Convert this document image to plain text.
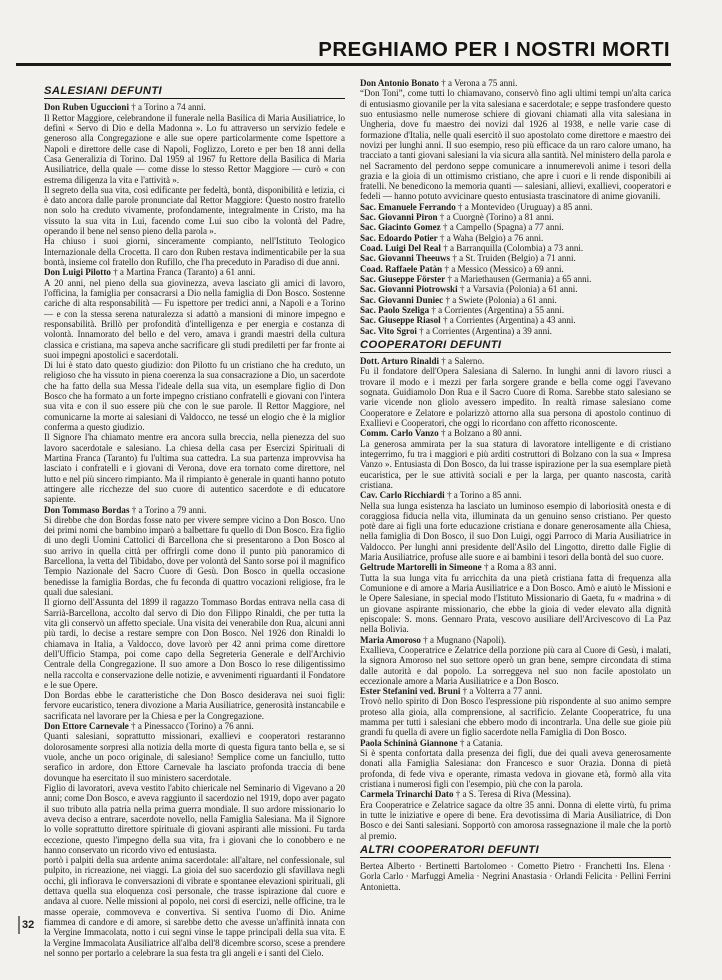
PREGHIAMO PER I NOSTRI MORTI
SALESIANI DEFUNTI

Don Ruben Uguccioni † a Torino a 74 anni.

Il Rettor Maggiore, celebrandone il funerale nella Basilica di Maria Ausiliatrice, lo definì « Servo di Dio e della Madonna ». Lo fu attraverso un servizio fedele e generoso alla Congregazione e alle sue opere particolarmente come Ispettore a Napoli e direttore delle case di Napoli, Foglizzo, Loreto e per ben 18 anni della Casa Generalizia di Torino. Dal 1959 al 1967 fu Rettore della Basilica di Maria Ausiliatrice, della quale — come disse lo stesso Rettor Maggiore — curò « con estrema diligenza la vita e l'attività ».

Il segreto della sua vita, così edificante per fedeltà, bontà, disponibilità e letizia, ci è dato ancora dalle parole pronunciate dal Rettor Maggiore: Questo nostro fratello non solo ha creduto vivamente, profondamente, integralmente in Cristo, ma ha vissuto la sua vita in Lui, facendo come Lui suo cibo la volontà del Padre, operando il bene nel senso pieno della parola ».

Ha chiuso i suoi giorni, sinceramente compianto, nell'Istituto Teologico Internazionale della Crocetta. Il caro don Ruben restava indimenticabile per la sua bontà, insieme col fratello don Rufillo, che l'ha preceduto in Paradiso di due anni.

Don Luigi Pilotto † a Martina Franca (Taranto) a 61 anni.

A 20 anni, nel pieno della sua giovinezza, aveva lasciato gli amici di lavoro, l'officina, la famiglia per consacrarsi a Dio nella famiglia di Don Bosco. Sostenne cariche di alta responsabilità — Fu ispettore per tredici anni, a Napoli e a Torino — e con la stessa serena naturalezza si adattò a mansioni di minore impegno e responsabilità. Brillò per profondità d'intelligenza e per energia e costanza di volontà. Innamorato del bello e del vero, amava i grandi maestri della cultura classica e cristiana, ma sapeva anche sacrificare gli studi prediletti per far fronte ai suoi impegni apostolici e sacerdotali.

Di lui è stato dato questo giudizio: don Pilotto fu un cristiano che ha creduto, un religioso che ha vissuto in piena coerenza la sua consacrazione a Dio, un sacerdote che ha fatto della sua Messa l'ideale della sua vita, un esemplare figlio di Don Bosco che ha formato a un forte impegno cristiano confratelli e giovani con l'intera sua vita e con il suo essere più che con le sue parole. Il Rettor Maggiore, nel comunicarne la morte ai salesiani di Valdocco, ne tessé un elogio che è la miglior conferma a questo giudizio.

Il Signore l'ha chiamato mentre era ancora sulla breccia, nella pienezza del suo lavoro sacerdotale e salesiano. La chiesa della casa per Esercizi Spirituali di Martina Franca (Taranto) fu l'ultima sua cattedra. La sua partenza improvvisa ha lasciato i confratelli e i giovani di Verona, dove era tornato come direttore, nel lutto e nel più sincero rimpianto. Ma il rimpianto è generale in quanti hanno potuto attingere alle ricchezze del suo cuore di autentico sacerdote e di educatore sapiente.

Don Tommaso Bordas † a Torino a 79 anni.

Si direbbe che don Bordas fosse nato per vivere sempre vicino a Don Bosco. Uno dei primi nomi che bambino imparò a balbettare fu quello di Don Bosco. Era figlio di uno degli Uomini Cattolici di Barcellona che si presentarono a Don Bosco al suo arrivo in quella città per offrirgli come dono il punto più panoramico di Barcellona, la vetta del Tibidabo, dove per volontà del Santo sorse poi il magnifico Tempio Nazionale del Sacro Cuore di Gesù. Don Bosco in quella occasione benedisse la famiglia Bordas, che fu feconda di quattro vocazioni religiose, fra le quali due salesiani.

Il giorno dell'Assunta del 1899 il ragazzo Tommaso Bordas entrava nella casa di Sarrià-Barcellona, accolto dal servo di Dio don Filippo Rinaldi, che per tutta la vita gli conservò un affetto speciale. Una visita dei venerabile don Rua, alcuni anni più tardi, lo decise a restare sempre con Don Bosco. Nel 1926 don Rinaldi lo chiamava in Italia, a Valdocco, dove lavorò per 42 anni prima come direttore dell'Ufficio Stampa, poi come capo della Segreteria Generale e dell'Archivio Centrale della Congregazione. Il suo amore a Don Bosco lo rese diligentissimo nella raccolta e conservazione delle notizie, e avvenimenti riguardanti il Fondatore e le sue Opere.

Don Bordas ebbe le caratteristiche che Don Bosco desiderava nei suoi figli: fervore eucaristico, tenera divozione a Maria Ausiliatrice, generosità instancabile e sacrificata nel lavorare per la Chiesa e per la Congregazione.

Don Ettore Carnevale † a Pinessacco (Torino) a 76 anni.

Quanti salesiani, soprattutto missionari, exallievi e cooperatori restaranno dolorosamente sorpresi alla notizia della morte di questa figura tanto bella e, se si vuole, anche un poco originale, di salesiano! Semplice come un fanciullo, tutto serafico in ardore, don Ettore Carnevale ha lasciato profonda traccia di bene dovunque ha esercitato il suo ministero sacerdotale.

Figlio di lavoratori, aveva vestito l'abito chiericale nel Seminario di Vigevano a 20 anni; come Don Bosco, e aveva raggiunto il sacerdozio nel 1919, dopo aver pagato il suo tributo alla patria nella prima guerra mondiale. Il suo ardore missionario lo aveva deciso a entrare, sacerdote novello, nella Famiglia Salesiana. Ma il Signore lo volle soprattutto direttore spirituale di giovani aspiranti alle missioni. Fu tarda eccezione, questo l'impegno della sua vita, fra i giovani che lo conobbero e ne hanno conservato un ricordo vivo ed entusiasta.

portò i palpiti della sua ardente anima sacerdotale: all'altare, nel confessionale, sul pulpito, in ricreazione, nei viaggi. La gioia del suo sacerdozio gli sfavillava negli occhi, gli infiorava le conversazioni di vibrate e spontanee elevazioni spirituali, gli dettava quella sua eloquenza così personale, che trasse ispirazione dal cuore e andava al cuore. Nelle missioni al popolo, nei corsi di esercizi, nelle officine, tra le masse operaie, commoveva e convertiva. Si sentiva l'uomo di Dio. Anime fiammea di candore e di amore, si sarebbe detto che avesse un'affinità innata con la Vergine Immacolata, notto i cui segni vinse le tappe principali della sua vita. E la Vergine Immacolata Ausiliatrice all'alba dell'8 dicembre scorso, scese a prendere nel sonno per portarlo a celebrare la sua festa tra gli angeli e i santi del Cielo.

Don Antonio Bonato † a Verona a 75 anni.

“Don Toni”, come tutti lo chiamavano, conservò fino agli ultimi tempi un'alta carica di entusiasmo giovanile per la vita salesiana e sacerdotale; e seppe trasfondere questo suo entusiasmo nelle numerose schiere di giovani chiamati alla vita salesiana in Ungheria, dove fu maestro dei novizi dal 1926 al 1938, e nelle varie case di formazione d'Italia, nelle quali esercitò il suo apostolato come direttore e maestro dei novizi per lunghi anni. Il suo esempio, reso più efficace da un raro calore umano, ha tracciato a tanti giovani salesiani la via sicura alla santità. Nel ministero della parola e nel Sacramento del perdono seppe comunicare a innumerevoli anime i tesori della grazia e la gioia di un ottimismo cristiano, che apre i cuori e li rende disponibili ai fratelli. Ne benedicono la memoria quanti — salesiani, allievi, exallievi, cooperatori e fedeli — hanno potuto avvicinare questo entusiasta trascinatore di anime giovanili.

Sac. Emanuele Ferrando † a Montevideo (Uruguay) a 85 anni.

Sac. Giovanni Piron † a Cuorgnè (Torino) a 81 anni.

Sac. Giacinto Gomez † a Campello (Spagna) a 77 anni.

Sac. Edoardo Potier † a Waha (Belgio) a 76 anni.

Coad. Luigi Del Real † a Barranquilla (Colombia) a 73 anni.

Sac. Giovanni Theeuws † a St. Truiden (Belgio) a 71 anni.

Coad. Raffaele Patàn † a Messico (Messico) a 69 anni.

Sac. Giuseppe Förster † a Mariethausen (Germania) a 65 anni.

Sac. Giovanni Piotrowski † a Varsavia (Polonia) a 61 anni.

Sac. Giovanni Duniec † a Swiete (Polonia) a 61 anni.

Sac. Paolo Szeliga † a Corrientes (Argentina) a 55 anni.

Sac. Giuseppe Riasol † a Corrientes (Argentina) a 43 anni.

Sac. Vito Sgroi † a Corrientes (Argentina) a 39 anni.

COOPERATORI DEFUNTI

Dott. Arturo Rinaldi † a Salerno.

Fu il fondatore dell'Opera Salesiana di Salerno. In lunghi anni di lavoro riuscì a trovare il modo e i mezzi per farla sorgere grande e bella come oggi l'avevano sognata. Guidiamolo Don Rua e il Sacro Cuore di Roma. Sarebbe stato salesiano se varie vicende non gliolo avessero impedito. In realtà rimase salesiano come Cooperatore e Zelatore e polarizzò attorno alla sua persona di apostolo continuo di Exallievi e Cooperatori, che oggi lo ricordano con affetto riconoscente.

Comm. Carlo Vanzo † a Bolzano a 80 anni.

La generosa ammirata per la sua statura di lavoratore intelligente e di cristiano integerrimo, fu tra i maggiori e più arditi costruttori di Bolzano con la sua « Impresa Vanzo ». Entusiasta di Don Bosco, da lui trasse ispirazione per la sua esemplare pietà eucaristica, per le sue attività sociali e per la larga, per quanto nascosta, carità cristiana.

Cav. Carlo Ricchiardi † a Torino a 85 anni.

Nella sua lunga esistenza ha lasciato un luminoso esempio di laboriosità onesta e di coraggiosa fiducia nella vita, illuminata da un genuino senso cristiano. Per questo potè dare ai figli una forte educazione cristiana e donare generosamente alla Chiesa, nella famiglia di Don Bosco, il suo Don Luigi, oggi Parroco di Maria Ausiliatrice in Valdocco. Per lunghi anni presidente dell'Asilo del Lingotto, diretto dalle Figlie di Maria Ausiliatrice, profuse alle suore e ai bambini i tesori della bontà del suo cuore.

Geltrude Martorelli in Simeone † a Roma a 83 anni.

Tutta la sua lunga vita fu arricchita da una pietà cristiana fatta di frequenza alla Comunione e di amore a Maria Ausiliatrice e a Don Bosco. Amò e aiutò le Missioni e le Opere Salesiane, in special modo l'Istituto Missionario di Gaeta, fu « madrina » di un giovane aspirante missionario, che ebbe la gioia di veder elevato alla dignità episcopale: S. mons. Gennaro Prata, vescovo ausiliare dell'Arcivescovo di La Paz nella Bolivia.

Maria Amoroso † a Mugnano (Napoli).

Exallieva, Cooperatrice e Zelatrice della porzione più cara al Cuore di Gesù, i malati, la signora Amoroso nel suo settore operò un gran bene, sempre circondata di stima dalle autorità e dal popolo. La sorreggeva nel suo non facile apostolato un eccezionale amore a Maria Ausiliatrice e a Don Bosco.

Ester Stefanini ved. Bruni † a Volterra a 77 anni.

Trovò nello spirito di Don Bosco l'espressione più rispondente al suo animo sempre proteso alla gioia, alla comprensione, al sacrificio. Zelante Cooperatrice, fu una mamma per tutti i salesiani che ebbero modo di incontrarla. Una delle sue gioie più grandi fu quella di avere un figlio sacerdote nella Famiglia di Don Bosco.

Paola Schininà Giannone † a Catania.

Si è spenta confortata dalla presenza dei figli, due dei quali aveva generosamente donati alla Famiglia Salesiana: don Francesco e suor Orazia. Donna di pietà profonda, di fede viva e operante, rimasta vedova in giovane età, formò alla vita cristiana i numerosi figli con l'esempio, più che con la parola.

Carmela Trinarchi Dato † a S. Teresa di Riva (Messina).

Era Cooperatrice e Zelatrice sagace da oltre 35 anni. Donna di elette virtù, fu prima in tutte le iniziative e opere di bene. Era devotissima di Maria Ausiliatrice, di Don Bosco e dei Santi salesiani. Sopportò con amorosa rassegnazione il male che la portò al premio.

ALTRI COOPERATORI DEFUNTI

Bertea Alberto · Bertinetti Bartolomeo · Cometto Pietro · Franchetti Ins. Elena · Gorla Carlo · Marfuggi Amelia · Negrini Anastasia · Orlandi Felicita · Pellini Ferrini Antonietta.

32
